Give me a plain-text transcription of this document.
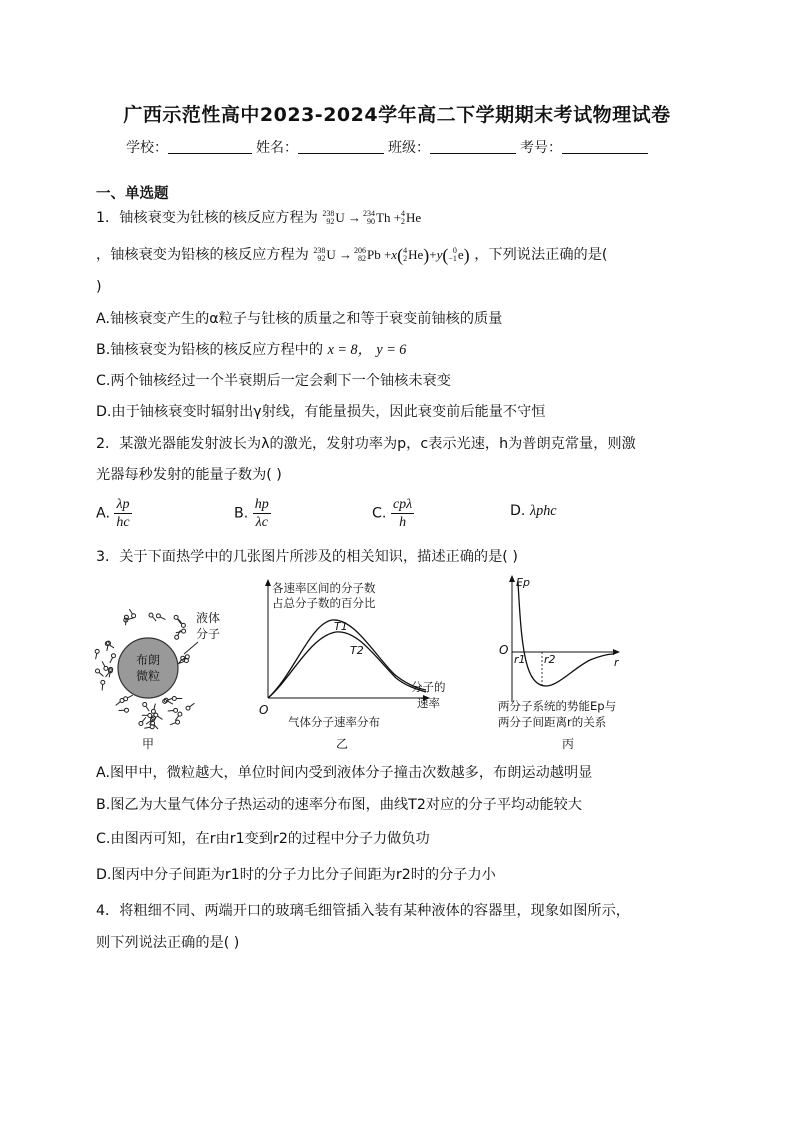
广西示范性高中2023-2024学年高二下学期期末考试物理试卷
学校：	姓名：	班级：	考号：
一、单选题
1．铀核衰变为钍核的核反应方程为 238
92 U → 234
90 Th + 4
2 He
，铀核衰变为铅核的核反应方程为 238
92 U → 206
82 Pb + x ( 4
2 He ) + y ( 0
−1 e ) ，下列说法正确的是(
)
A.铀核衰变产生的α粒子与钍核的质量之和等于衰变前铀核的质量
B.铀核衰变为铅核的核反应方程中的 x = 8， y = 6
C.两个铀核经过一个半衰期后一定会剩下一个铀核未衰变
D.由于铀核衰变时辐射出γ射线，有能量损失，因此衰变前后能量不守恒
2．某激光器能发射波长为λ的激光，发射功率为p，c表示光速，h为普朗克常量，则激
光器每秒发射的能量子数为( )
A. $\frac{\lambda p}{hc}$	B. $\frac{hp}{\lambda c}$	C. $\frac{\text{cpλ}}{h}$	D. λphc
3．关于下面热学中的几张图片所涉及的相关知识，描述正确的是( )
布朗
微粒
液体
分子
甲
各速率区间的分子数
占总分子数的百分比
T1
T2
分子的
速率
O
气体分子速率分布
乙
Ep
O
r1 r2	r
两分子系统的势能Ep与
两分子间距离r的关系
丙
A.图甲中，微粒越大，单位时间内受到液体分子撞击次数越多，布朗运动越明显
B.图乙为大量气体分子热运动的速率分布图，曲线T2对应的分子平均动能较大
C.由图丙可知，在r由r1变到r2的过程中分子力做负功
D.图丙中分子间距为r1时的分子力比分子间距为r2时的分子力小
4．将粗细不同、两端开口的玻璃毛细管插入装有某种液体的容器里，现象如图所示，
则下列说法正确的是( )
